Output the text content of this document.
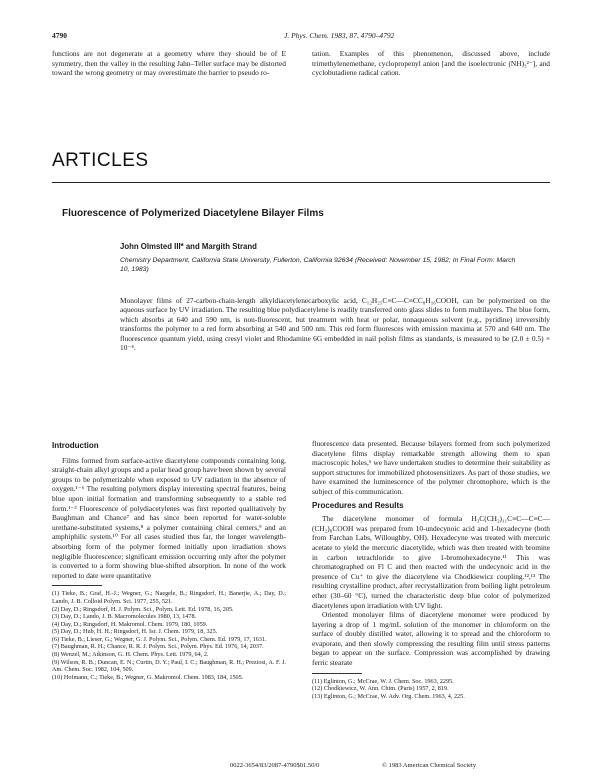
4790	J. Phys. Chem. 1983, 87, 4790–4792

functions are not degenerate at a geometry where they should be of E symmetry, then the valley in the resulting Jahn–Teller surface may be distorted toward the wrong geometry or may overestimate the barrier to pseudo ro-

tation. Examples of this phenomenon, discussed above, include trimethylenemethane, cyclopropenyl anion [and the isoelectronic (NH)₃²⁻], and cyclobutadiene radical cation.

ARTICLES
Fluorescence of Polymerized Diacetylene Bilayer Films
John Olmsted III* and Margith Strand
Chemistry Department, California State University, Fullerton, California 92634 (Received: November 15, 1982; In Final Form: March 10, 1983)
Monolayer films of 27-carbon-chain-length alkyldiacetylenecarboxylic acid, C₁₂H₂₅C≡C—C≡CC₈H₁₆COOH, can be polymerized on the aqueous surface by UV irradiation. The resulting blue polydiacetylene is readily transferred onto glass slides to form multilayers. The blue form, which absorbs at 640 and 590 nm, is non-fluorescent, but treatment with heat or polar, nonaqueous solvent (e.g., pyridine) irreversibly transforms the polymer to a red form absorbing at 540 and 500 nm. This red form fluoresces with emission maxima at 570 and 640 nm. The fluorescence quantum yield, using cresyl violet and Rhodamine 6G embedded in nail polish films as standards, is measured to be (2.0 ± 0.5) × 10⁻⁴.
Introduction

Films formed from surface-active diacetylene compounds containing long, straight-chain alkyl groups and a polar head group have been shown by several groups to be polymerizable when exposed to UV radiation in the absence of oxygen.¹⁻⁶ The resulting polymers display interesting spectral features, being blue upon initial formation and transforming subsequently to a stable red form.¹⁻³ Fluorescence of polydiacetylenes was first reported qualitatively by Baughman and Chance⁷ and has since been reported for water-soluble urethane-substituted systems,⁸ a polymer containing chiral centers,⁹ and an amphiphilic system.¹⁰ For all cases studied thus far, the longer wavelength-absorbing form of the polymer formed initially upon irradiation shows negligible fluorescence; significant emission occurring only after the polymer is converted to a form showing blue-shifted absorption. In none of the work reported to date were quantitative

(1) Tieke, B.; Graf, H.-J.; Wegner, G.; Naegele, B.; Ringsdorf, H.; Banerjie, A.; Day, D.; Lando, J. B. Colloid Polym. Sci. 1977, 255, 521.
(2) Day, D.; Ringsdorf, H. J. Polym. Sci., Polym. Lett. Ed. 1978, 16, 205.
(3) Day, D.; Lando, J. B. Macromolecules 1980, 13, 1478.
(4) Day, D.; Ringsdorf, H. Makromol. Chem. 1979, 180, 1059.
(5) Day, D.; Hub, H. H.; Ringsdorf, H. Isr. J. Chem. 1979, 18, 325.
(6) Tieke, B.; Lieser, G.; Wegner, G. J. Polym. Sci., Polym. Chem. Ed. 1979, 17, 1631.
(7) Baughman, R. H.; Chance, R. R. J. Polym. Sci., Polym. Phys. Ed. 1976, 14, 2037.
(8) Wenzel, M.; Atkinson, G. H. Chem. Phys. Lett. 1979, 64, 2.
(9) Wilson, R. B.; Duncan, E. N.; Curtin, D. Y.; Paul, I. C.; Baughman, R. H.; Preziosi, A. F. J. Am. Chem. Soc. 1982, 104, 509.
(10) Hofmann, C.; Tieke, B.; Wegner, G. Makromol. Chem. 1983, 184, 1505.

fluorescence data presented. Because bilayers formed from such polymerized diacetylene films display remarkable strength allowing them to span macroscopic holes,⁵ we have undertaken studies to determine their suitability as support structures for immobilized photosensitizers. As part of those studies, we have examined the luminescence of the polymer chromophore, which is the subject of this communication.

Procedures and Results

The diacetylene monomer of formula H₃C(CH₂)₁₁C≡C—C≡C—(CH₂)₈COOH was prepared from 10-undecynoic acid and 1-hexadecyne (both from Farchan Labs, Willoughby, OH). Hexadecyne was treated with mercuric acetate to yield the mercuric diacetylide, which was then treated with bromine in carbon tetrachloride to give 1-bromohexadecyne.¹¹ This was chromatographed on Fl C and then reacted with the undecynoic acid in the presence of Cu⁺ to give the diacetylene via Chodkiewicz coupling.¹²,¹³ The resulting crystalline product, after recrystallization from boiling light petroleum ether (30–60 °C), turned the characteristic deep blue color of polymerized diacetylenes upon irradiation with UV light.

Oriented monolayer films of diacetylene monomer were produced by layering a drop of 1 mg/mL solution of the monomer in chloroform on the surface of doubly distilled water, allowing it to spread and the chloroform to evaporate, and then slowly compressing the resulting film until stress patterns began to appear on the surface. Compression was accomplished by drawing ferric stearate

(11) Eglinton, G.; McCrae, W. J. Chem. Soc. 1963, 2295.
(12) Chodkiewicz, W. Ann. Chim. (Paris) 1957, 2, 819.
(13) Eglinton, G.; McCrae, W. Adv. Org. Chem. 1963, 4, 225.
0022-3654/83/2087-4790$01.50/0	© 1983 American Chemical Society
